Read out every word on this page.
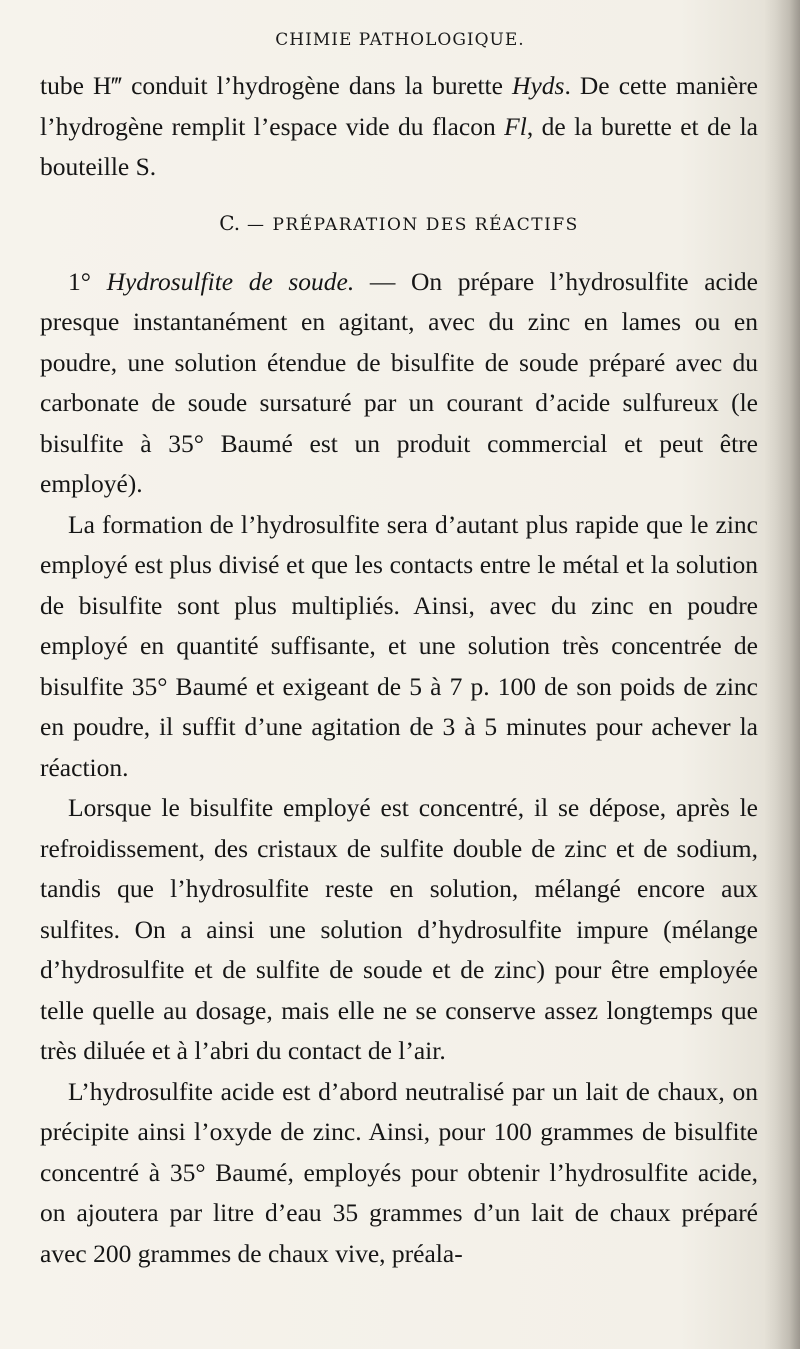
CHIMIE PATHOLOGIQUE.

tube H‴ conduit l’hydrogène dans la burette Hyds. De cette manière l’hydrogène remplit l’espace vide du flacon Fl, de la burette et de la bouteille S.

C. — PRÉPARATION DES RÉACTIFS

1° Hydrosulfite de soude. — On prépare l’hydrosulfite acide presque instantanément en agitant, avec du zinc en lames ou en poudre, une solution étendue de bisulfite de soude préparé avec du carbonate de soude sursaturé par un courant d’acide sulfureux (le bisulfite à 35° Baumé est un produit commercial et peut être employé).

La formation de l’hydrosulfite sera d’autant plus rapide que le zinc employé est plus divisé et que les contacts entre le métal et la solution de bisulfite sont plus multipliés. Ainsi, avec du zinc en poudre employé en quantité suffisante, et une solution très concentrée de bisulfite 35° Baumé et exigeant de 5 à 7 p. 100 de son poids de zinc en poudre, il suffit d’une agitation de 3 à 5 minutes pour achever la réaction.

Lorsque le bisulfite employé est concentré, il se dépose, après le refroidissement, des cristaux de sulfite double de zinc et de sodium, tandis que l’hydrosulfite reste en solution, mélangé encore aux sulfites. On a ainsi une solution d’hydrosulfite impure (mélange d’hydrosulfite et de sulfite de soude et de zinc) pour être employée telle quelle au dosage, mais elle ne se conserve assez longtemps que très diluée et à l’abri du contact de l’air.

L’hydrosulfite acide est d’abord neutralisé par un lait de chaux, on précipite ainsi l’oxyde de zinc. Ainsi, pour 100 grammes de bisulfite concentré à 35° Baumé, employés pour obtenir l’hydrosulfite acide, on ajoutera par litre d’eau 35 grammes d’un lait de chaux préparé avec 200 grammes de chaux vive, préala-
